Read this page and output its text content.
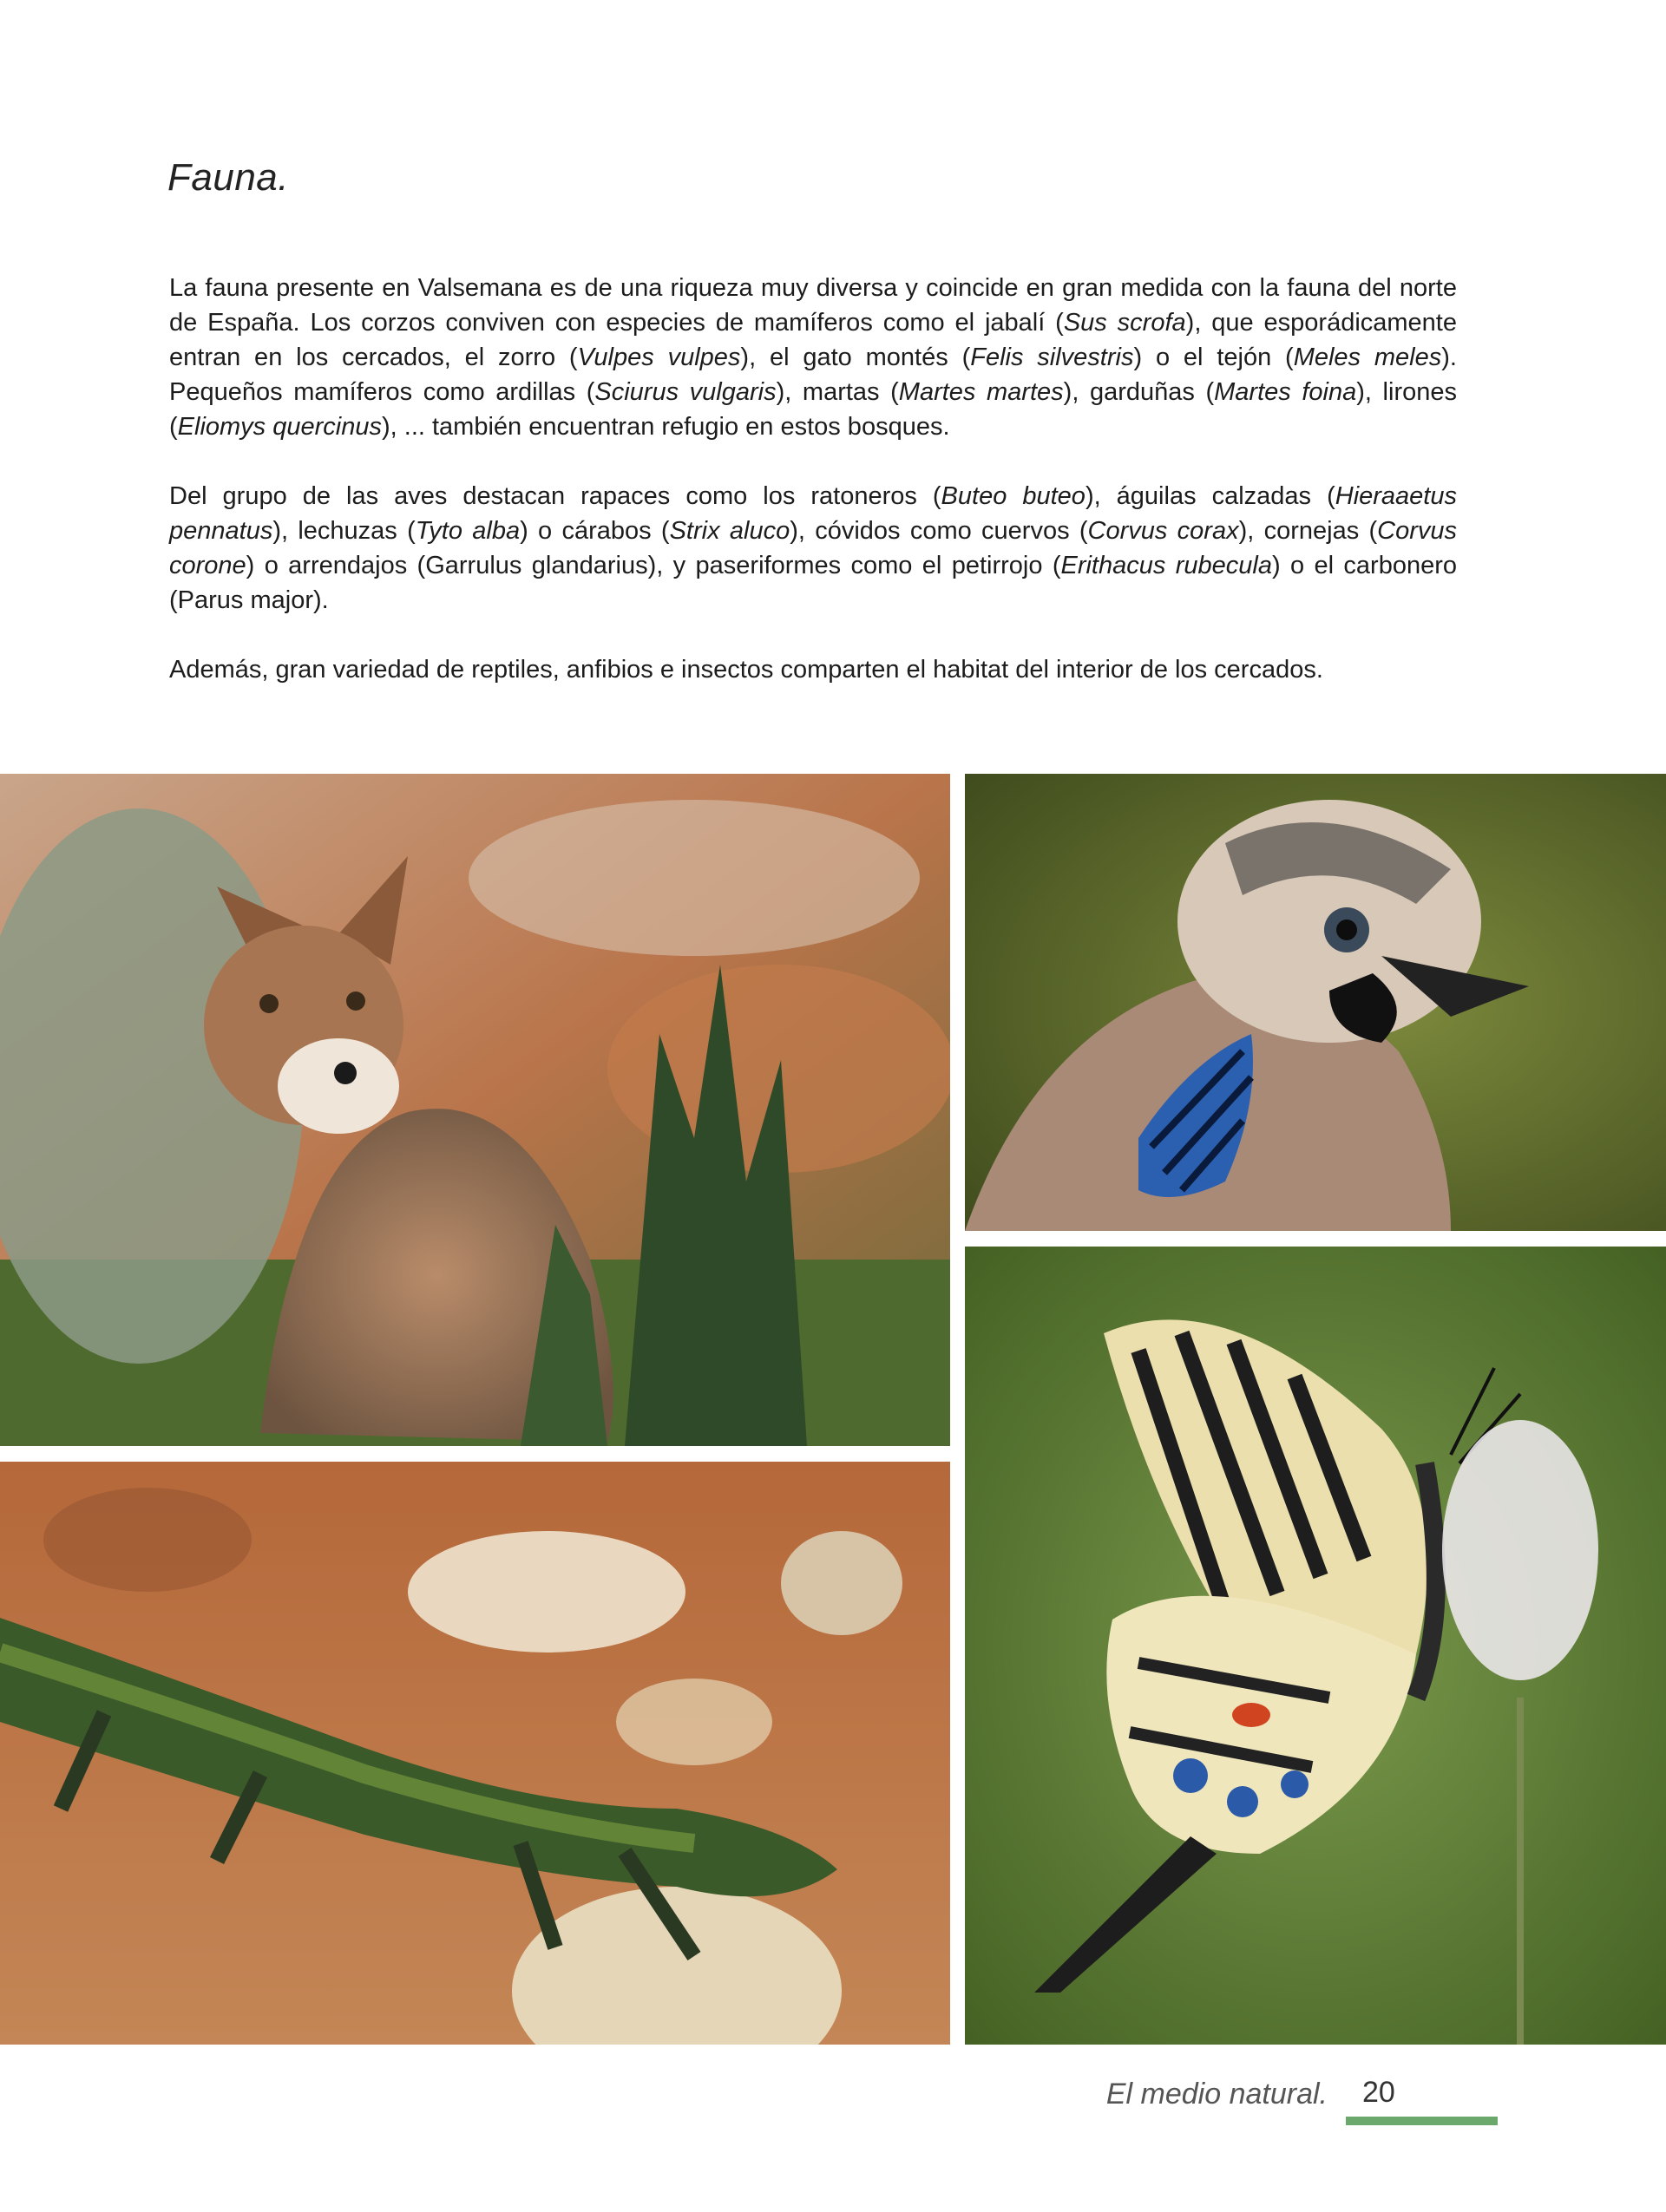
Fauna.

La fauna presente en Valsemana es de una riqueza muy diversa y coincide en gran medida con la fauna del norte de España. Los corzos conviven con especies de mamíferos como el jabalí (Sus scrofa), que esporádicamente entran en los cercados, el zorro (Vulpes vulpes), el gato montés (Felis silvestris) o el tejón (Meles meles). Pequeños mamíferos como ardillas (Sciurus vulgaris), martas (Martes martes), garduñas (Martes foina), lirones (Eliomys quercinus), ... también encuentran refugio en estos bosques.

Del grupo de las aves destacan rapaces como los ratoneros (Buteo buteo), águilas calzadas (Hieraaetus pennatus), lechuzas (Tyto alba) o cárabos (Strix aluco), cóvidos como cuervos (Corvus corax), cornejas (Corvus corone) o arrendajos (Garrulus glandarius), y paseriformes como el petirrojo (Erithacus rubecula) o el carbonero (Parus major).

Además, gran variedad de reptiles, anfibios e insectos comparten el habitat del interior de los cercados.

El medio natural. 20
